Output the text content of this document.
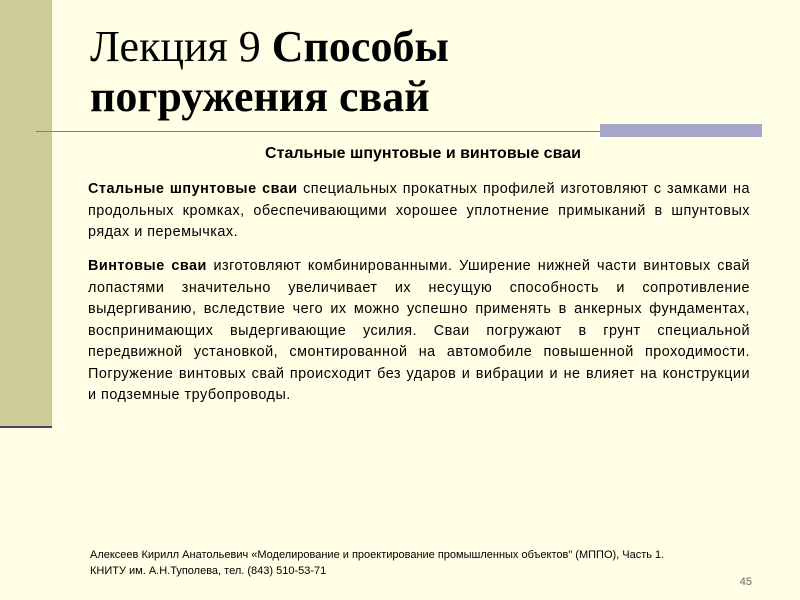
Лекция 9 Способы
погружения свай
Стальные шпунтовые и винтовые сваи
Стальные шпунтовые сваи специальных прокатных профилей изготовляют с замками на продольных кромках, обеспечивающими хорошее уплотнение примыканий в шпунтовых рядах и перемычках.
Винтовые сваи изготовляют комбинированными. Уширение нижней части винтовых свай лопастями значительно увеличивает их несущую способность и сопротивление выдергиванию, вследствие чего их можно успешно применять в анкерных фундаментах, воспринимающих выдергивающие усилия. Сваи погружают в грунт специальной передвижной установкой, смонтированной на автомобиле повышенной проходимости. Погружение винтовых свай происходит без ударов и вибрации и не влияет на конструкции и подземные трубопроводы.
Алексеев Кирилл Анатольевич «Моделирование и проектирование промышленных объектов" (МППО), Часть 1.
КНИТУ им. А.Н.Туполева, тел. (843) 510-53-71
45
